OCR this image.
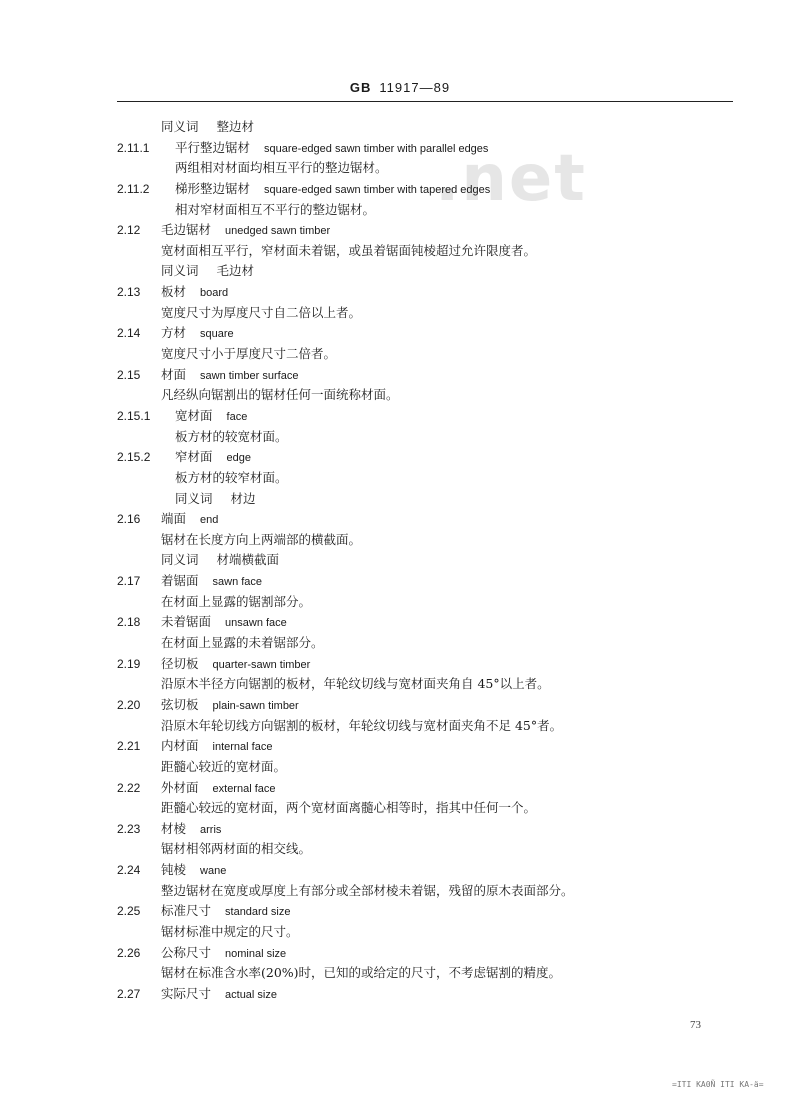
GB 11917—89
.net
同义词 整边材
2.11.1 平行整边锯材 square-edged sawn timber with parallel edges
两组相对材面均相互平行的整边锯材。
2.11.2 梯形整边锯材 square-edged sawn timber with tapered edges
相对窄材面相互不平行的整边锯材。
2.12 毛边锯材 unedged sawn timber
宽材面相互平行，窄材面未着锯，或虽着锯面钝棱超过允许限度者。
同义词 毛边材
2.13 板材 board
宽度尺寸为厚度尺寸自二倍以上者。
2.14 方材 square
宽度尺寸小于厚度尺寸二倍者。
2.15 材面 sawn timber surface
凡经纵向锯割出的锯材任何一面统称材面。
2.15.1 宽材面 face
板方材的较宽材面。
2.15.2 窄材面 edge
板方材的较窄材面。
同义词 材边
2.16 端面 end
锯材在长度方向上两端部的横截面。
同义词 材端横截面
2.17 着锯面 sawn face
在材面上显露的锯割部分。
2.18 未着锯面 unsawn face
在材面上显露的未着锯部分。
2.19 径切板 quarter-sawn timber
沿原木半径方向锯割的板材，年轮纹切线与宽材面夹角自 45°以上者。
2.20 弦切板 plain-sawn timber
沿原木年轮切线方向锯割的板材，年轮纹切线与宽材面夹角不足 45°者。
2.21 内材面 internal face
距髓心较近的宽材面。
2.22 外材面 external face
距髓心较远的宽材面，两个宽材面离髓心相等时，指其中任何一个。
2.23 材棱 arris
锯材相邻两材面的相交线。
2.24 钝棱 wane
整边锯材在宽度或厚度上有部分或全部材棱未着锯，残留的原木表面部分。
2.25 标准尺寸 standard size
锯材标准中规定的尺寸。
2.26 公称尺寸 nominal size
锯材在标准含水率(20%)时，已知的或给定的尺寸，不考虑锯割的精度。
2.27 实际尺寸 actual size
73
=ITI KA0Ñ ITI KA-ä=
